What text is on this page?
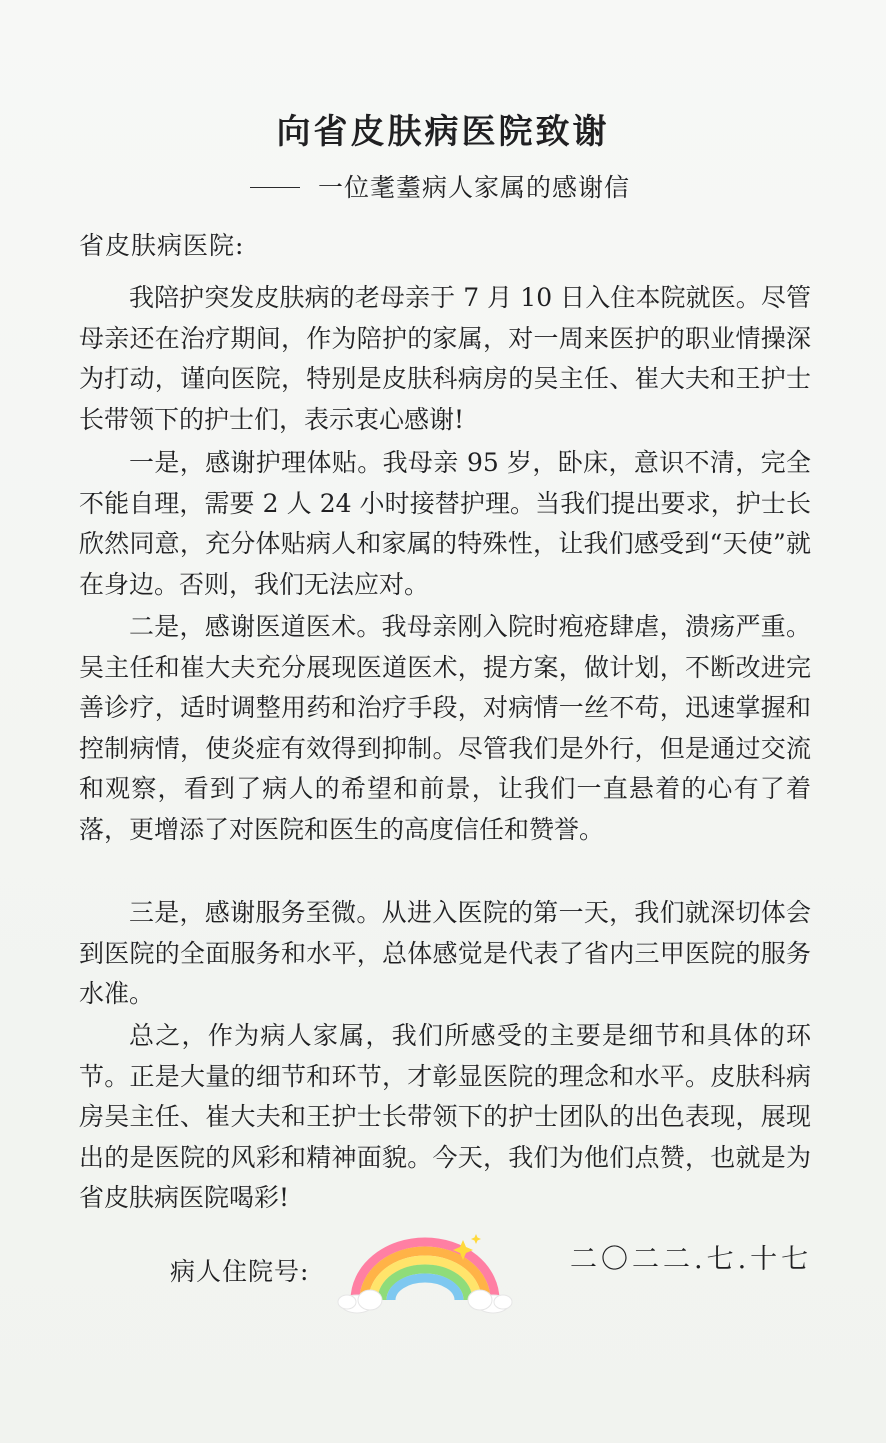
向省皮肤病医院致谢
一位耄耋病人家属的感谢信
省皮肤病医院:

我陪护突发皮肤病的老母亲于 7 月 10 日入住本院就医。尽管母亲还在治疗期间，作为陪护的家属，对一周来医护的职业情操深为打动，谨向医院，特别是皮肤科病房的吴主任、崔大夫和王护士长带领下的护士们，表示衷心感谢!

一是，感谢护理体贴。我母亲 95 岁，卧床，意识不清，完全不能自理，需要 2 人 24 小时接替护理。当我们提出要求，护士长欣然同意，充分体贴病人和家属的特殊性，让我们感受到“天使”就在身边。否则，我们无法应对。

二是，感谢医道医术。我母亲刚入院时疱疮肆虐，溃疡严重。吴主任和崔大夫充分展现医道医术，提方案，做计划，不断改进完善诊疗，适时调整用药和治疗手段，对病情一丝不苟，迅速掌握和控制病情，使炎症有效得到抑制。尽管我们是外行，但是通过交流和观察，看到了病人的希望和前景，让我们一直悬着的心有了着落，更增添了对医院和医生的高度信任和赞誉。

三是，感谢服务至微。从进入医院的第一天，我们就深切体会到医院的全面服务和水平，总体感觉是代表了省内三甲医院的服务水准。

总之，作为病人家属，我们所感受的主要是细节和具体的环节。正是大量的细节和环节，才彰显医院的理念和水平。皮肤科病房吴主任、崔大夫和王护士长带领下的护士团队的出色表现，展现出的是医院的风彩和精神面貌。今天，我们为他们点赞，也就是为省皮肤病医院喝彩!

病人住院号:	二〇二二.七.十七
